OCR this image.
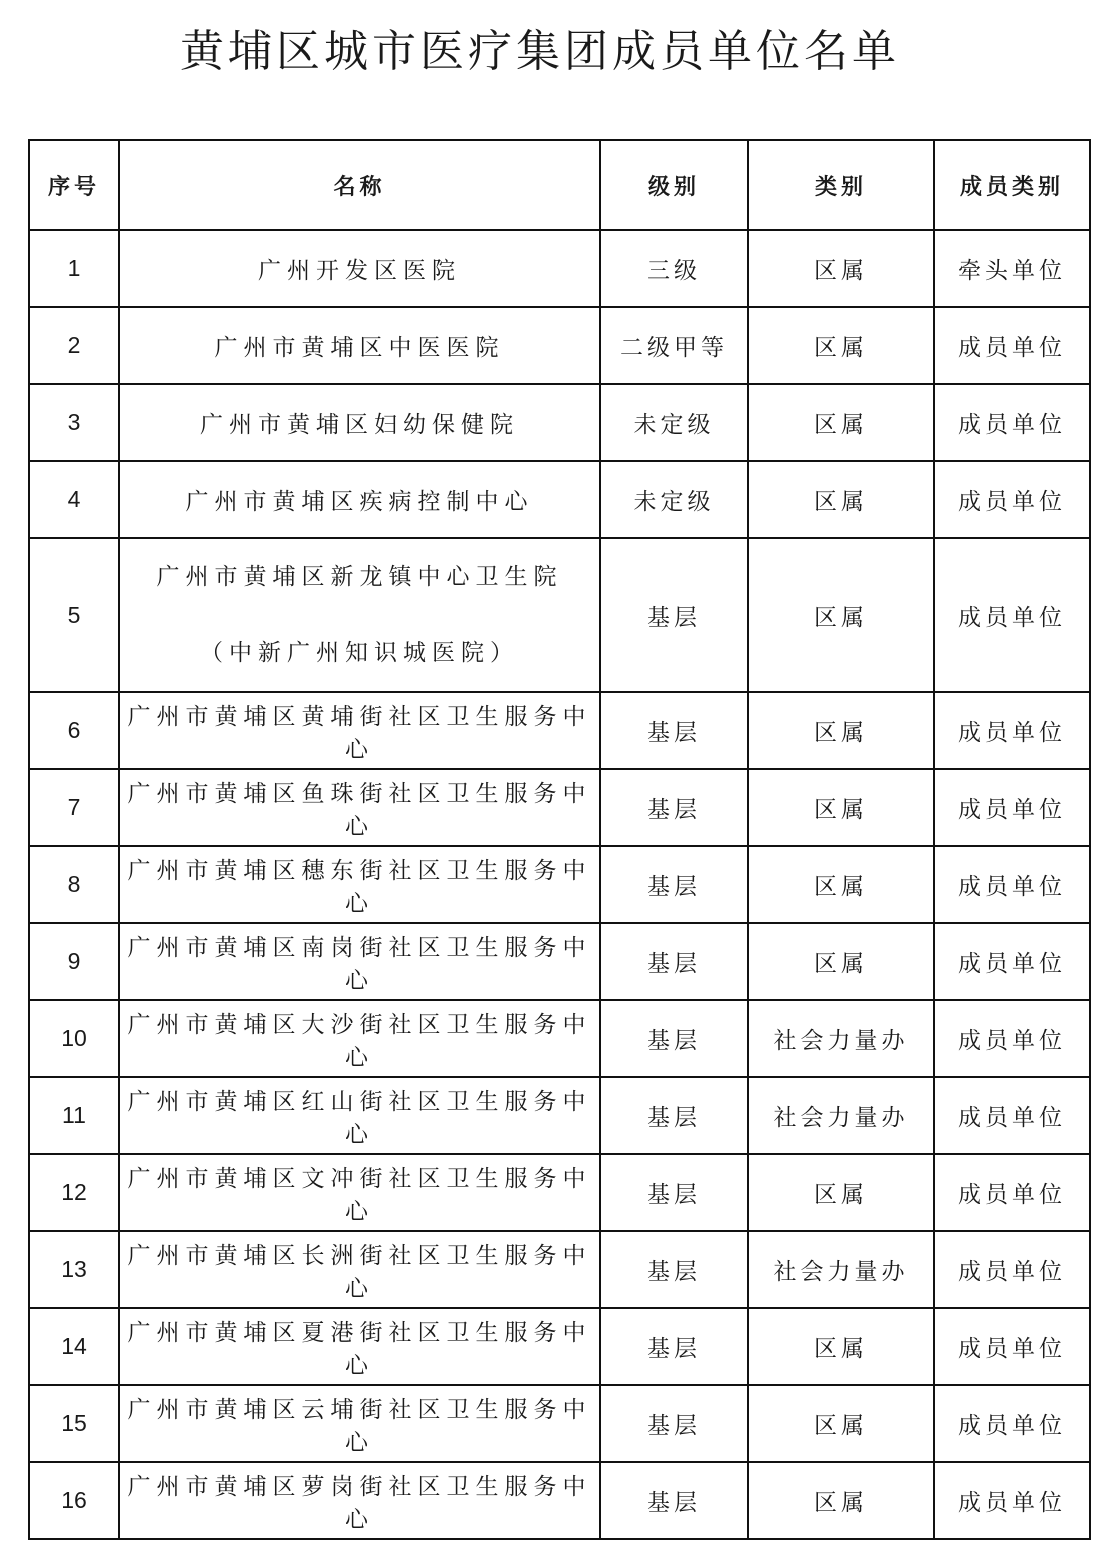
黄埔区城市医疗集团成员单位名单
序号	名称	级别	类别	成员类别
1	广州开发区医院	三级	区属	牵头单位
2	广州市黄埔区中医医院	二级甲等	区属	成员单位
3	广州市黄埔区妇幼保健院	未定级	区属	成员单位
4	广州市黄埔区疾病控制中心	未定级	区属	成员单位
5	广州市黄埔区新龙镇中心卫生院（中新广州知识城医院）	基层	区属	成员单位
6	广州市黄埔区黄埔街社区卫生服务中心	基层	区属	成员单位
7	广州市黄埔区鱼珠街社区卫生服务中心	基层	区属	成员单位
8	广州市黄埔区穗东街社区卫生服务中心	基层	区属	成员单位
9	广州市黄埔区南岗街社区卫生服务中心	基层	区属	成员单位
10	广州市黄埔区大沙街社区卫生服务中心	基层	社会力量办	成员单位
11	广州市黄埔区红山街社区卫生服务中心	基层	社会力量办	成员单位
12	广州市黄埔区文冲街社区卫生服务中心	基层	区属	成员单位
13	广州市黄埔区长洲街社区卫生服务中心	基层	社会力量办	成员单位
14	广州市黄埔区夏港街社区卫生服务中心	基层	区属	成员单位
15	广州市黄埔区云埔街社区卫生服务中心	基层	区属	成员单位
16	广州市黄埔区萝岗街社区卫生服务中心	基层	区属	成员单位
